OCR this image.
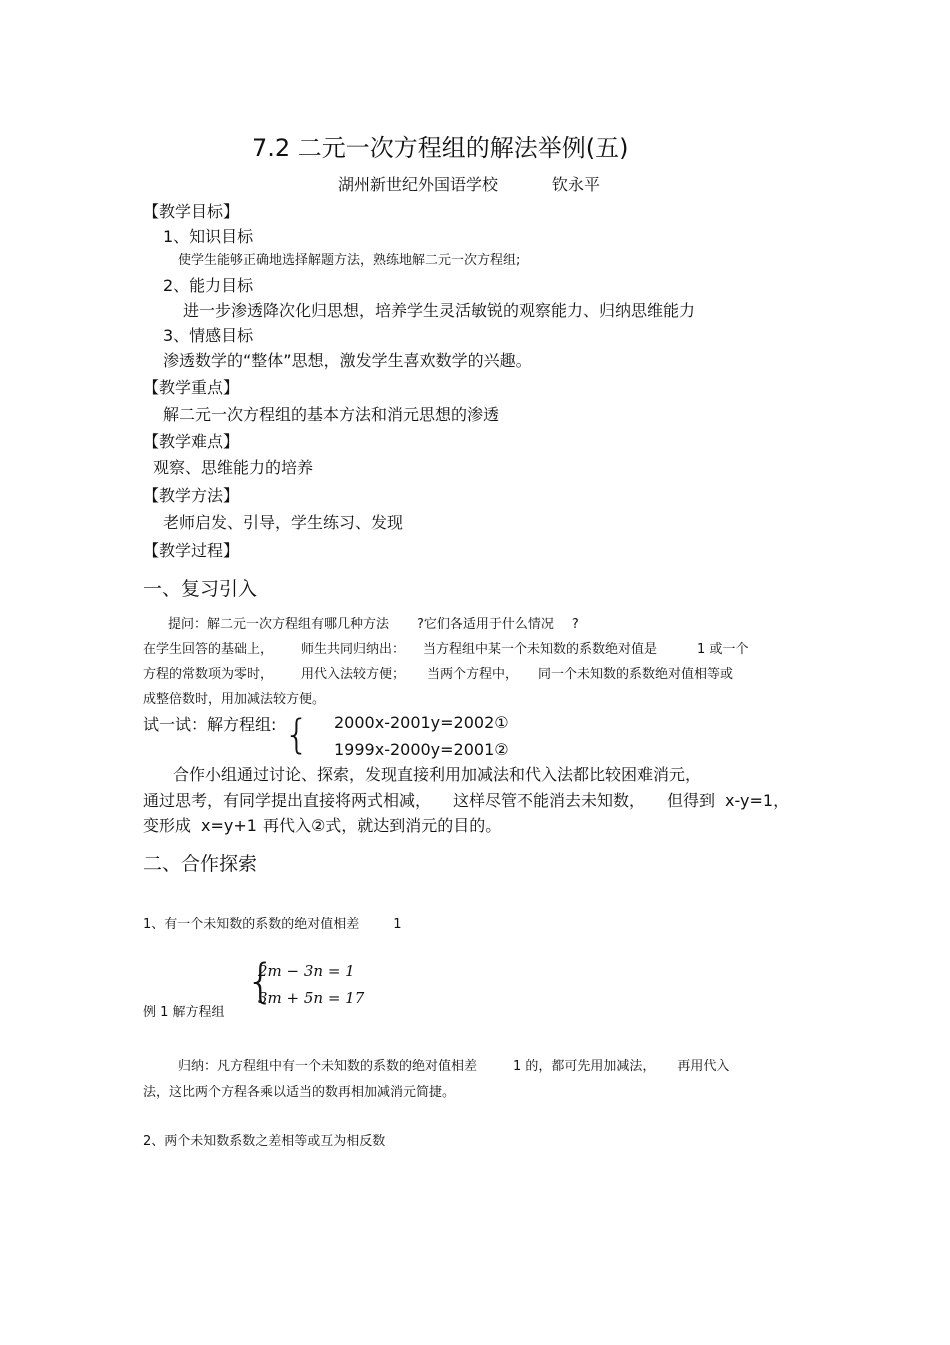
7.2 二元一次方程组的解法举例(五)
湖州新世纪外国语学校	钦永平
【教学目标】
1、知识目标
使学生能够正确地选择解题方法，熟练地解二元一次方程组;
2、能力目标
进一步渗透降次化归思想，培养学生灵活敏锐的观察能力、归纳思维能力
3、情感目标
渗透数学的“整体”思想，激发学生喜欢数学的兴趣。
【教学重点】
解二元一次方程组的基本方法和消元思想的渗透
【教学难点】
观察、思维能力的培养
【教学方法】
老师启发、引导，学生练习、发现
【教学过程】
一、复习引入
提问：解二元一次方程组有哪几种方法 ?它们各适用于什么情况 ?
在学生回答的基础上， 师生共同归纳出： 当方程组中某一个未知数的系数绝对值是	1 或一个
方程的常数项为零时， 用代入法较方便； 当两个方程中， 同一个未知数的系数绝对值相等或
成整倍数时，用加减法较方便。
试一试：解方程组: { 2000x-2001y=2002①
1999x-2000y=2001②
合作小组通过讨论、探索，发现直接利用加减法和代入法都比较困难消元，
通过思考，有同学提出直接将两式相减， 这样尽管不能消去未知数， 但得到 x-y=1，
变形成 x=y+1 再代入②式，就达到消元的目的。
二、合作探索
1、有一个未知数的系数的绝对值相差	1
例 1 解方程组
{
2m − 3n = 1
3m + 5n = 17
归纳：凡方程组中有一个未知数的系数的绝对值相差	1 的，都可先用加减法， 再用代入
法，这比两个方程各乘以适当的数再相加减消元简捷。
2、两个未知数系数之差相等或互为相反数
